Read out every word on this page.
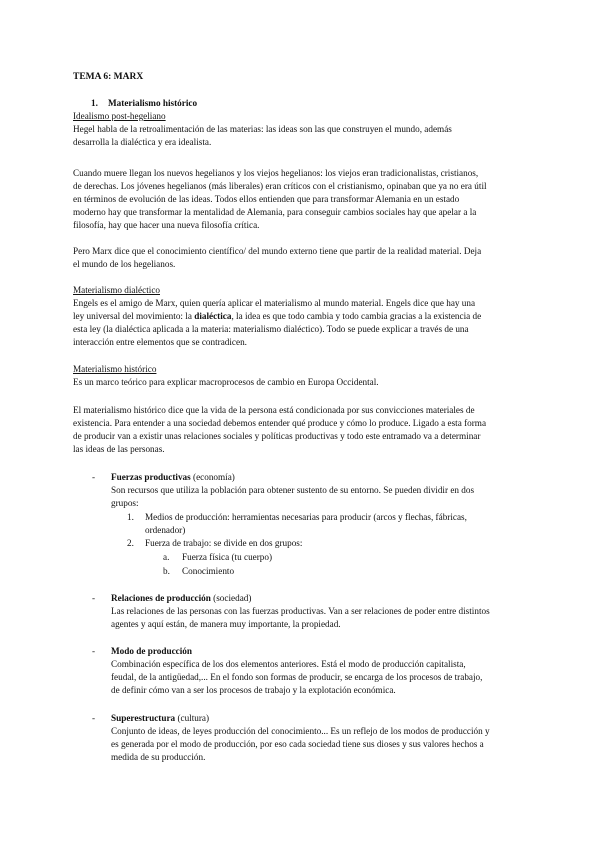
TEMA 6: MARX
1. Materialismo histórico
Idealismo post-hegeliano
Hegel habla de la retroalimentación de las materias: las ideas son las que construyen el mundo, además
desarrolla la dialéctica y era idealista.
Cuando muere llegan los nuevos hegelianos y los viejos hegelianos: los viejos eran tradicionalistas, cristianos,
de derechas. Los jóvenes hegelianos (más liberales) eran críticos con el cristianismo, opinaban que ya no era útil
en términos de evolución de las ideas. Todos ellos entienden que para transformar Alemania en un estado
moderno hay que transformar la mentalidad de Alemania, para conseguir cambios sociales hay que apelar a la
filosofía, hay que hacer una nueva filosofía crítica.
Pero Marx dice que el conocimiento científico/ del mundo externo tiene que partir de la realidad material. Deja
el mundo de los hegelianos.
Materialismo dialéctico
Engels es el amigo de Marx, quien quería aplicar el materialismo al mundo material. Engels dice que hay una
ley universal del movimiento: la dialéctica, la idea es que todo cambia y todo cambia gracias a la existencia de
esta ley (la dialéctica aplicada a la materia: materialismo dialéctico). Todo se puede explicar a través de una
interacción entre elementos que se contradicen.
Materialismo histórico
Es un marco teórico para explicar macroprocesos de cambio en Europa Occidental.
El materialismo histórico dice que la vida de la persona está condicionada por sus convicciones materiales de
existencia. Para entender a una sociedad debemos entender qué produce y cómo lo produce. Ligado a esta forma
de producir van a existir unas relaciones sociales y políticas productivas y todo este entramado va a determinar
las ideas de las personas.
- Fuerzas productivas (economía)
Son recursos que utiliza la población para obtener sustento de su entorno. Se pueden dividir en dos
grupos:
1. Medios de producción: herramientas necesarias para producir (arcos y flechas, fábricas,
ordenador)
2. Fuerza de trabajo: se divide en dos grupos:
a. Fuerza física (tu cuerpo)
b. Conocimiento
- Relaciones de producción (sociedad)
Las relaciones de las personas con las fuerzas productivas. Van a ser relaciones de poder entre distintos
agentes y aquí están, de manera muy importante, la propiedad.
- Modo de producción
Combinación específica de los dos elementos anteriores. Está el modo de producción capitalista,
feudal, de la antigüedad,... En el fondo son formas de producir, se encarga de los procesos de trabajo,
de definir cómo van a ser los procesos de trabajo y la explotación económica.
- Superestructura (cultura)
Conjunto de ideas, de leyes producción del conocimiento... Es un reflejo de los modos de producción y
es generada por el modo de producción, por eso cada sociedad tiene sus dioses y sus valores hechos a
medida de su producción.
